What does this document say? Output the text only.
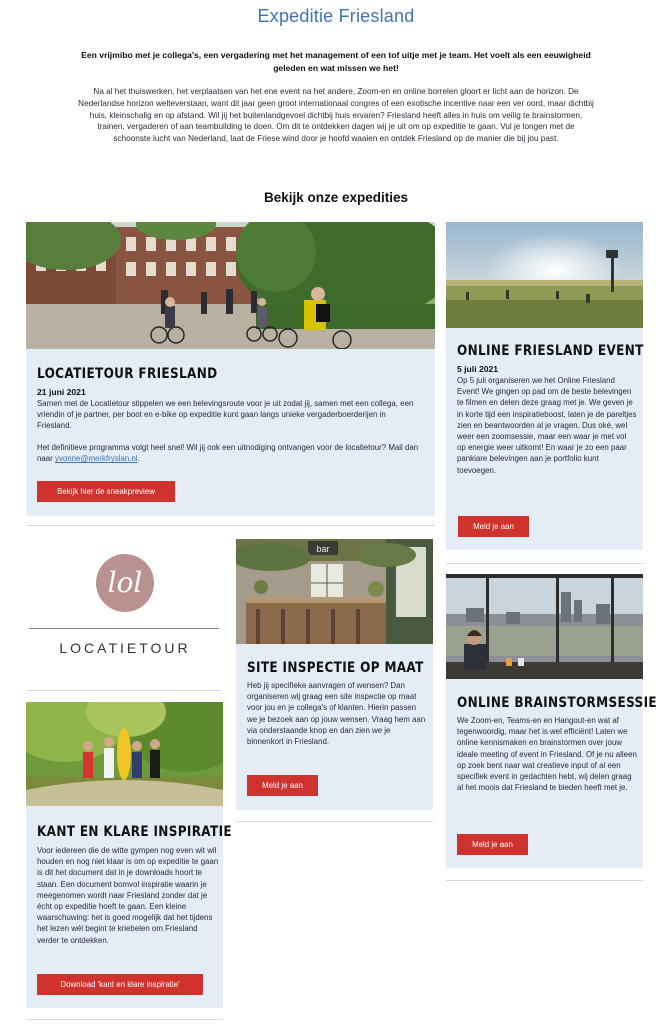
Expeditie Friesland

Een vrijmibo met je collega's, een vergadering met het management of een tof uitje met je team. Het voelt als een eeuwigheid geleden en wat missen we het!

Na al het thuiswerken, het verplaatsen van het ene event na het andere, Zoom-en en online borrelen gloort er licht aan de horizon. De Nederlandse horizon welteverstaan, want dit jaar geen groot internationaal congres of een exotische incentive naar een ver oord, maar dichtbij huis, kleinschalig en op afstand. Wil jij het buitenlandgevoel dichtbij huis ervaren? Friesland heeft alles in huis om veilig te brainstormen, trainen, vergaderen of aan teambuilding te doen. Om dit te ontdekken dagen wij je uit om op expeditie te gaan. Vul je longen met de schoonste lucht van Nederland, laat de Friese wind door je hoofd waaien en ontdek Friesland op de manier die bij jou past.

Bekijk onze expedities
LOCATIETOUR FRIESLAND
21 juni 2021

Samen met de Locatietour stippelen we een belevingsroute voor je uit zodat jij, samen met een collega, een vriendin of je partner, per boot en e-bike op expeditie kunt gaan langs unieke vergaderboerderijen in Friesland.

Het definitieve programma volgt heel snel! Wil jij ook een uitnodiging ontvangen voor de locatietour? Mail dan naar yvonne@merkfryslan.nl.

Bekijk hier de sneakpreview
ONLINE FRIESLAND EVENT
5 juli 2021

Op 5 juli organiseren we het Online Friesland Event! We gingen op pad om de beste belevingen te filmen en delen deze graag met je. We geven je in korte tijd een inspiratieboost, laten je de pareltjes zien en beantwoorden al je vragen. Dus oké, wel weer een zoomsessie, maar een waar je met vol op energie weer uitkomt! En waar je zo een paar pankiare belevingen aan je portfolio kunt toevoegen.

Meld je aan
lol
LOCATIETOUR
bar
SITE INSPECTIE OP MAAT

Heb jij specifieke aanvragen of wensen? Dan organiseren wij graag een site inspectie op maat voor jou en je collega's of klanten. Hierin passen we je bezoek aan op jouw wensen. Vraag hem aan via onderstaande knop en dan zien we je binnenkort in Friesland.

Meld je aan
ONLINE BRAINSTORMSESSIE

We Zoom-en, Teams-en en Hangout-en wat af tegenwoordig, maar het is wel efficiënt! Laten we online kennismaken en brainstormen over jouw ideale meeting of event in Friesland. Of je nu alleen op zoek bent naar wat creatieve input of al een specifiek event in gedachten hebt, wij delen graag al het moois dat Friesland te bieden heeft met je.

Meld je aan
KANT EN KLARE INSPIRATIE

Voor iedereen die de witte gympen nog even wit wil houden en nog niet klaar is om op expeditie te gaan is dit het document dat in je downloads hoort te staan. Een document bomvol inspiratie waarin je meegenomen wordt naar Friesland zonder dat je écht op expeditie hoeft te gaan. Een kleine waarschuwing: het is goed mogelijk dat het tijdens het lezen wél begint te kriebelen om Friesland verder te ontdekken.

Download 'kant en klare inspiratie'
